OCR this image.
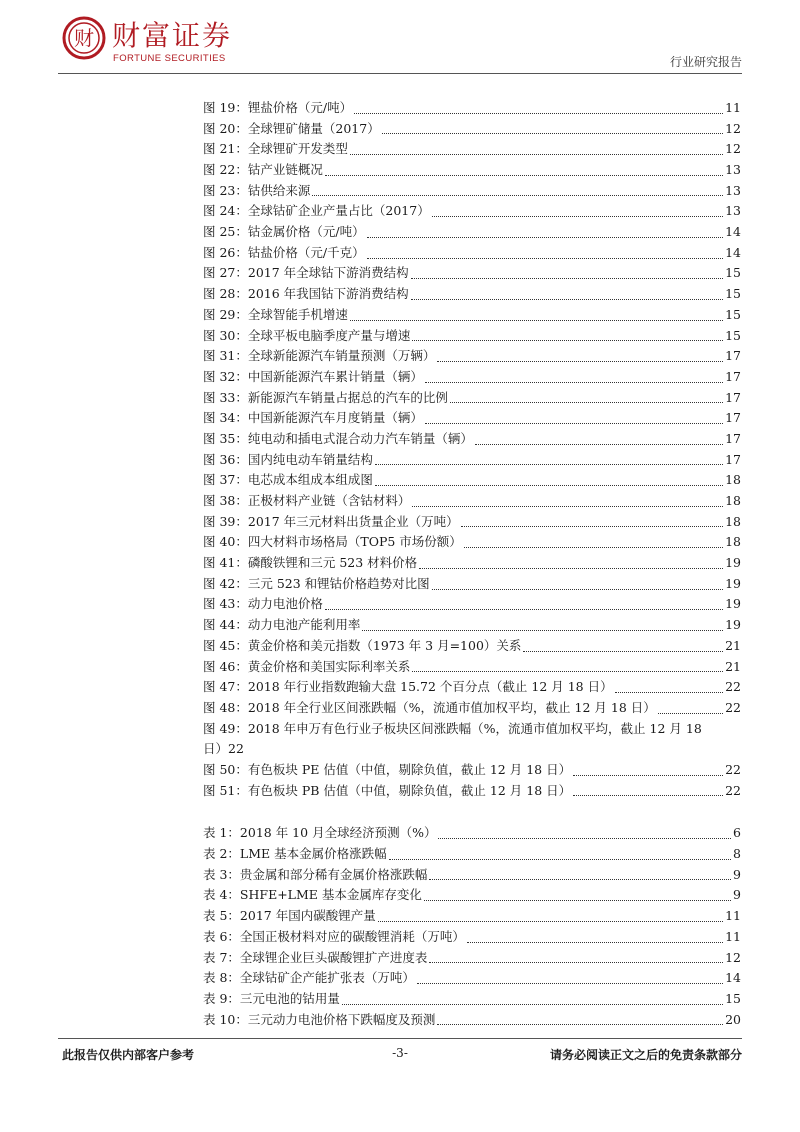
财 财富证券
FORTUNE SECURITIES	行业研究报告
图 19：锂盐价格（元/吨）	11
图 20：全球锂矿储量（2017）	12
图 21：全球锂矿开发类型	12
图 22：钴产业链概况	13
图 23：钴供给来源	13
图 24：全球钴矿企业产量占比（2017）	13
图 25：钴金属价格（元/吨）	14
图 26：钴盐价格（元/千克）	14
图 27：2017 年全球钴下游消费结构	15
图 28：2016 年我国钴下游消费结构	15
图 29：全球智能手机增速	15
图 30：全球平板电脑季度产量与增速	15
图 31：全球新能源汽车销量预测（万辆）	17
图 32：中国新能源汽车累计销量（辆）	17
图 33：新能源汽车销量占据总的汽车的比例	17
图 34：中国新能源汽车月度销量（辆）	17
图 35：纯电动和插电式混合动力汽车销量（辆）	17
图 36：国内纯电动车销量结构	17
图 37：电芯成本组成本组成图	18
图 38：正极材料产业链（含钴材料）	18
图 39：2017 年三元材料出货量企业（万吨）	18
图 40：四大材料市场格局（TOP5 市场份额）	18
图 41：磷酸铁锂和三元 523 材料价格	19
图 42：三元 523 和锂钴价格趋势对比图	19
图 43：动力电池价格	19
图 44：动力电池产能利用率	19
图 45：黄金价格和美元指数（1973 年 3 月=100）关系	21
图 46：黄金价格和美国实际利率关系	21
图 47：2018 年行业指数跑输大盘 15.72 个百分点（截止 12 月 18 日）	22
图 48：2018 年全行业区间涨跌幅（%，流通市值加权平均，截止 12 月 18 日）	22
图 49：2018 年申万有色行业子板块区间涨跌幅（%，流通市值加权平均，截止 12 月 18
日） 22
图 50：有色板块 PE 估值（中值，剔除负值，截止 12 月 18 日）	22
图 51：有色板块 PB 估值（中值，剔除负值，截止 12 月 18 日）	22
表 1：2018 年 10 月全球经济预测（%）	6
表 2：LME 基本金属价格涨跌幅	8
表 3：贵金属和部分稀有金属价格涨跌幅	9
表 4：SHFE+LME 基本金属库存变化	9
表 5：2017 年国内碳酸锂产量	11
表 6：全国正极材料对应的碳酸锂消耗（万吨）	11
表 7：全球锂企业巨头碳酸锂扩产进度表	12
表 8：全球钴矿企产能扩张表（万吨）	14
表 9：三元电池的钴用量	15
表 10：三元动力电池价格下跌幅度及预测	20
此报告仅供内部客户参考	-3-	请务必阅读正文之后的免责条款部分
